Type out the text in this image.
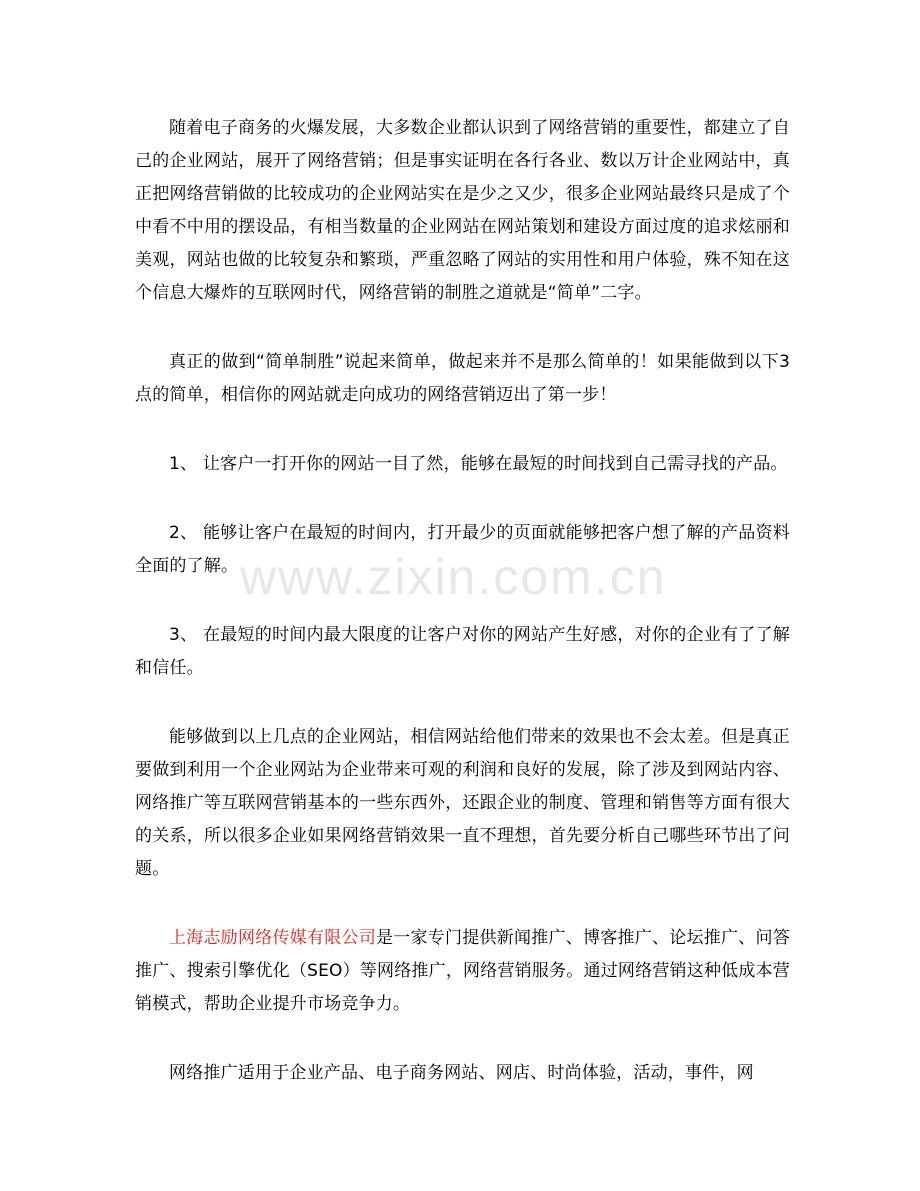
www.zixin.com.cn

随着电子商务的火爆发展，大多数企业都认识到了网络营销的重要性，都建立了自己的企业网站，展开了网络营销；但是事实证明在各行各业、数以万计企业网站中，真正把网络营销做的比较成功的企业网站实在是少之又少，很多企业网站最终只是成了个中看不中用的摆设品，有相当数量的企业网站在网站策划和建设方面过度的追求炫丽和美观，网站也做的比较复杂和繁琐，严重忽略了网站的实用性和用户体验，殊不知在这个信息大爆炸的互联网时代，网络营销的制胜之道就是“简单”二字。

真正的做到“简单制胜”说起来简单，做起来并不是那么简单的！如果能做到以下3点的简单，相信你的网站就走向成功的网络营销迈出了第一步！

1、 让客户一打开你的网站一目了然，能够在最短的时间找到自己需寻找的产品。

2、 能够让客户在最短的时间内，打开最少的页面就能够把客户想了解的产品资料全面的了解。

3、 在最短的时间内最大限度的让客户对你的网站产生好感，对你的企业有了了解和信任。

能够做到以上几点的企业网站，相信网站给他们带来的效果也不会太差。但是真正要做到利用一个企业网站为企业带来可观的利润和良好的发展，除了涉及到网站内容、网络推广等互联网营销基本的一些东西外，还跟企业的制度、管理和销售等方面有很大的关系，所以很多企业如果网络营销效果一直不理想，首先要分析自己哪些环节出了问题。

上海志励网络传媒有限公司是一家专门提供新闻推广、博客推广、论坛推广、问答推广、搜索引擎优化（SEO）等网络推广，网络营销服务。通过网络营销这种低成本营销模式，帮助企业提升市场竞争力。

网络推广适用于企业产品、电子商务网站、网店、时尚体验，活动，事件，网
